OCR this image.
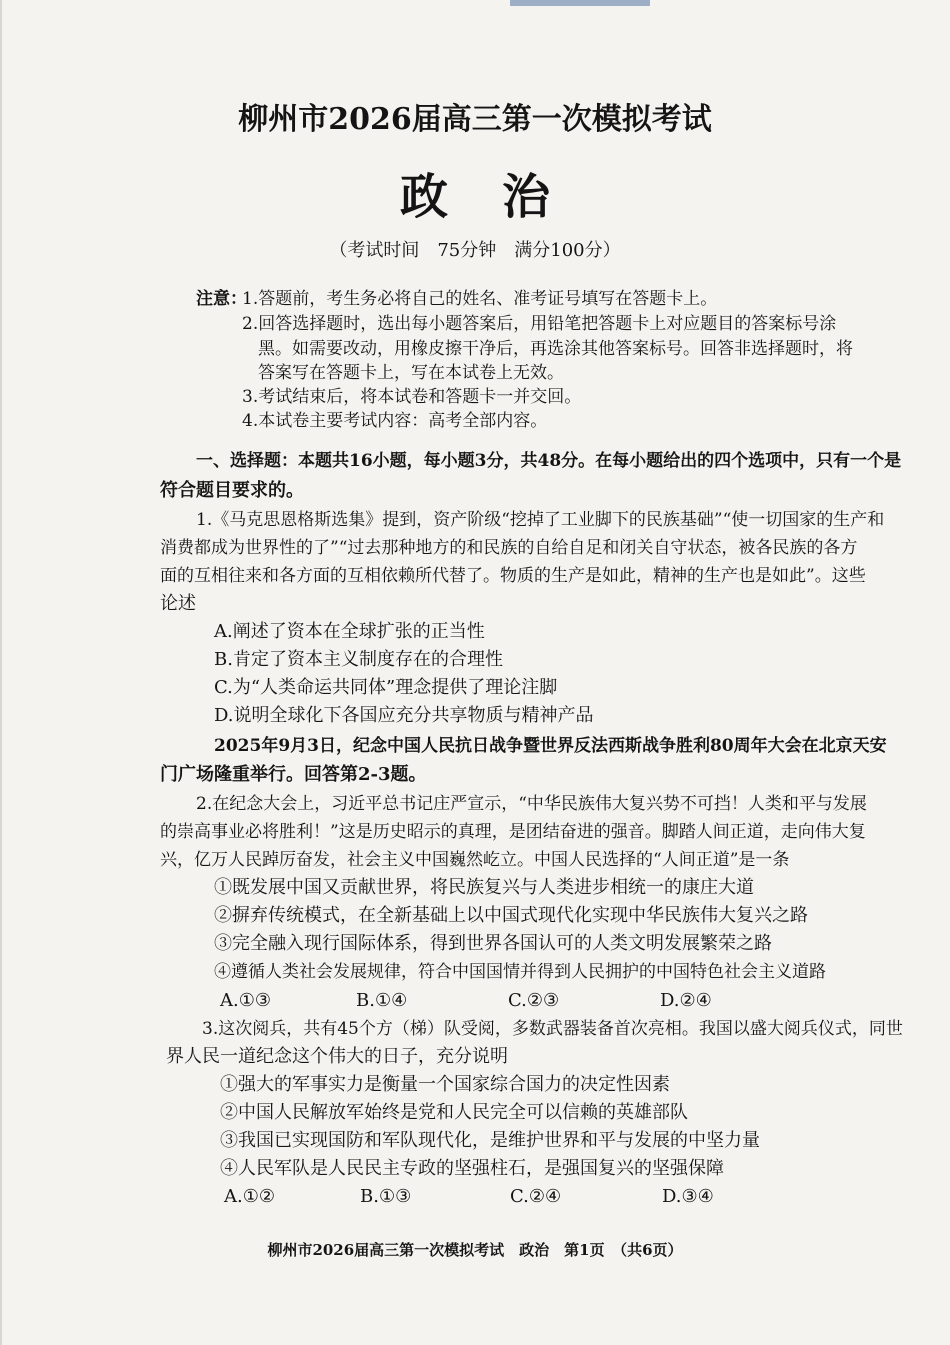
柳州市2026届高三第一次模拟考试
政治
（考试时间　75分钟　满分100分）
注意：
1.答题前，考生务必将自己的姓名、准考证号填写在答题卡上。
2.回答选择题时，选出每小题答案后，用铅笔把答题卡上对应题目的答案标号涂
黑。如需要改动，用橡皮擦干净后，再选涂其他答案标号。回答非选择题时，将
答案写在答题卡上，写在本试卷上无效。
3.考试结束后，将本试卷和答题卡一并交回。
4.本试卷主要考试内容：高考全部内容。
一、选择题：本题共16小题，每小题3分，共48分。在每小题给出的四个选项中，只有一个是
符合题目要求的。
1.《马克思恩格斯选集》提到，资产阶级“挖掉了工业脚下的民族基础”“使一切国家的生产和
消费都成为世界性的了”“过去那种地方的和民族的自给自足和闭关自守状态，被各民族的各方
面的互相往来和各方面的互相依赖所代替了。物质的生产是如此，精神的生产也是如此”。这些
论述
A.阐述了资本在全球扩张的正当性
B.肯定了资本主义制度存在的合理性
C.为“人类命运共同体”理念提供了理论注脚
D.说明全球化下各国应充分共享物质与精神产品
2025年9月3日，纪念中国人民抗日战争暨世界反法西斯战争胜利80周年大会在北京天安
门广场隆重举行。回答第2-3题。
2.在纪念大会上，习近平总书记庄严宣示，“中华民族伟大复兴势不可挡！人类和平与发展
的崇高事业必将胜利！”这是历史昭示的真理，是团结奋进的强音。脚踏人间正道，走向伟大复
兴，亿万人民踔厉奋发，社会主义中国巍然屹立。中国人民选择的“人间正道”是一条
①既发展中国又贡献世界，将民族复兴与人类进步相统一的康庄大道
②摒弃传统模式，在全新基础上以中国式现代化实现中华民族伟大复兴之路
③完全融入现行国际体系，得到世界各国认可的人类文明发展繁荣之路
④遵循人类社会发展规律，符合中国国情并得到人民拥护的中国特色社会主义道路
A.①③	B.①④	C.②③	D.②④
3.这次阅兵，共有45个方（梯）队受阅，多数武器装备首次亮相。我国以盛大阅兵仪式，同世
界人民一道纪念这个伟大的日子，充分说明
①强大的军事实力是衡量一个国家综合国力的决定性因素
②中国人民解放军始终是党和人民完全可以信赖的英雄部队
③我国已实现国防和军队现代化，是维护世界和平与发展的中坚力量
④人民军队是人民民主专政的坚强柱石，是强国复兴的坚强保障
A.①②	B.①③	C.②④	D.③④
柳州市2026届高三第一次模拟考试　政治　第1页　（共6页）
